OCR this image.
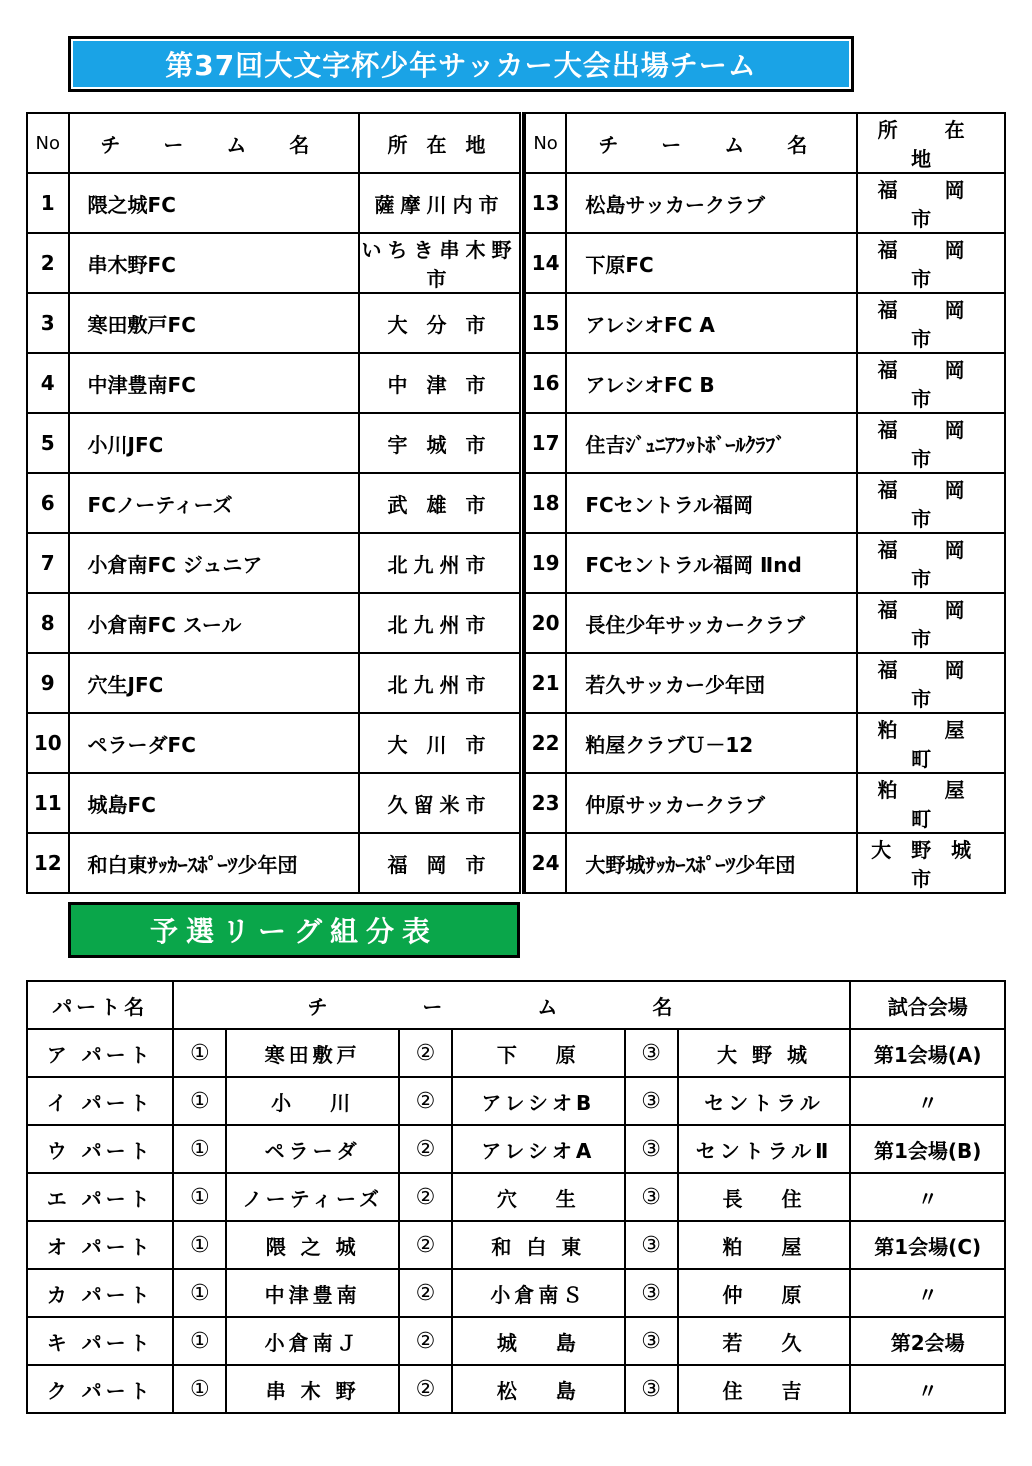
第37回大文字杯少年サッカー大会出場チーム
No	チ ー ム 名	所 在 地		No	チ ー ム 名	所 在 地
1	隈之城FC	薩摩川内市		13	松島サッカークラブ	福 岡 市
2	串木野FC	いちき串木野市		14	下原FC	福 岡 市
3	寒田敷戸FC	大 分 市		15	アレシオFC A	福 岡 市
4	中津豊南FC	中 津 市		16	アレシオFC B	福 岡 市
5	小川JFC	宇 城 市		17	住吉ｼﾞｭﾆｱﾌｯﾄﾎﾞｰﾙｸﾗﾌﾞ	福 岡 市
6	FCノーティーズ	武 雄 市		18	FCセントラル福岡	福 岡 市
7	小倉南FC ジュニア	北九州市		19	FCセントラル福岡 Ⅱnd	福 岡 市
8	小倉南FC スール	北九州市		20	長住少年サッカークラブ	福 岡 市
9	穴生JFC	北九州市		21	若久サッカー少年団	福 岡 市
10	ペラーダFC	大 川 市		22	粕屋クラブＵ－12	粕 屋 町
11	城島FC	久留米市		23	仲原サッカークラブ	粕 屋 町
12	和白東ｻｯｶｰｽﾎﾟｰﾂ少年団	福 岡 市		24	大野城ｻｯｶｰｽﾎﾟｰﾂ少年団	大野城市
予選リーグ組分表
パート名	チ ー ム 名						試合会場
ア パート	①	寒田敷戸	②	下　 原	③	大 野 城	第1会場(A)
イ パート	①	小　 川	②	アレシオB	③	セントラル	〃
ウ パート	①	ペラーダ	②	アレシオA	③	セントラルⅡ	第1会場(B)
エ パート	①	ノーティーズ	②	穴　 生	③	長　 住	〃
オ パート	①	隈 之 城	②	和 白 東	③	粕　 屋	第1会場(C)
カ パート	①	中津豊南	②	小倉南Ｓ	③	仲　 原	〃
キ パート	①	小倉南Ｊ	②	城　 島	③	若　 久	第2会場
ク パート	①	串 木 野	②	松　 島	③	住　 吉	〃
